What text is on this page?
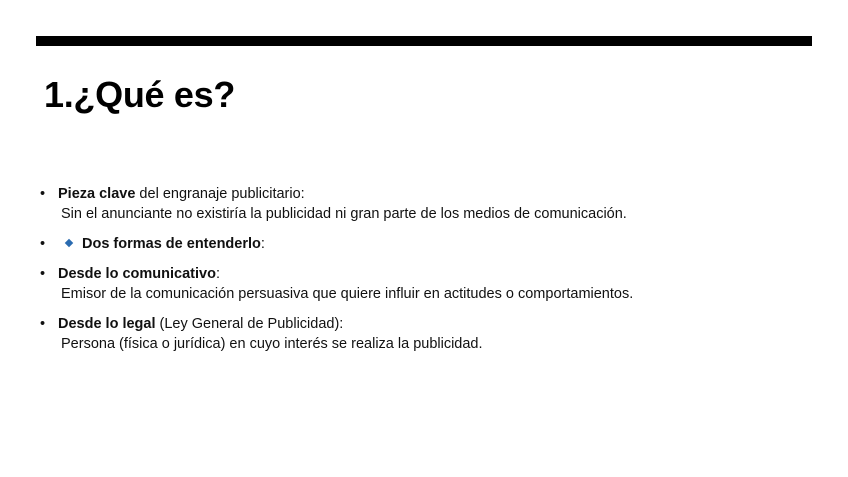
1.¿Qué es?
• Pieza clave del engranaje publicitario:
Sin el anunciante no existiría la publicidad ni gran parte de los medios de comunicación.
•	Dos formas de entenderlo:
• Desde lo comunicativo:
Emisor de la comunicación persuasiva que quiere influir en actitudes o comportamientos.
• Desde lo legal (Ley General de Publicidad):
Persona (física o jurídica) en cuyo interés se realiza la publicidad.
